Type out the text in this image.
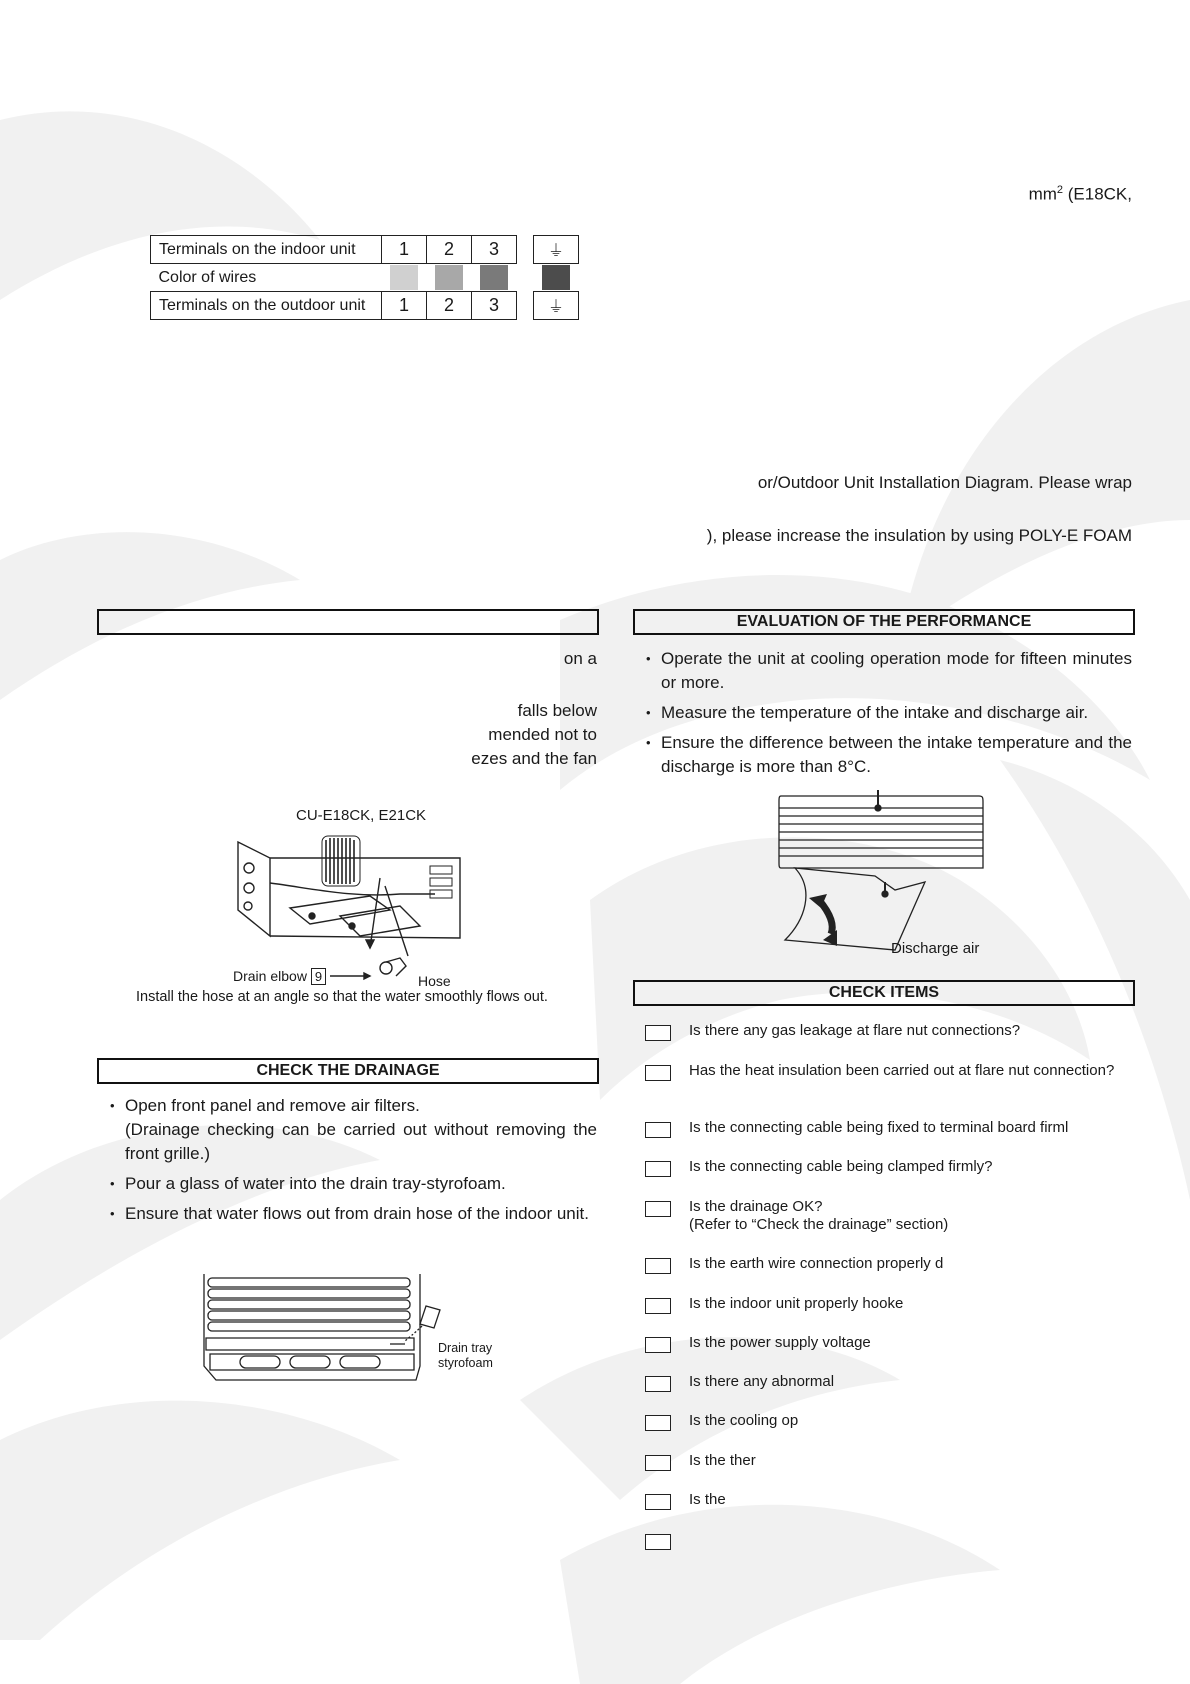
$mm^2$ (E18CK,
Terminals on the indoor unit	1	2	3		⏚
Color of wires					
Terminals on the outdoor unit	1	2	3		⏚
or/Outdoor Unit Installation Diagram. Please wrap
), please increase the insulation by using POLY-E FOAM
on a
falls below
mended not to
ezes and the fan
CU-E18CK, E21CK
Drain elbow 9	Hose
Install the hose at an angle so that the water smoothly flows out.
CHECK THE DRAINAGE
• Open front panel and remove air filters.
(Drainage checking can be carried out without removing the front grille.)
• Pour a glass of water into the drain tray-styrofoam.
• Ensure that water flows out from drain hose of the indoor unit.
Drain tray
styrofoam
EVALUATION OF THE PERFORMANCE
• Operate the unit at cooling operation mode for fifteen minutes or more.
• Measure the temperature of the intake and discharge air.
• Ensure the difference between the intake temperature and the discharge is more than 8°C.
Discharge air
CHECK ITEMS
Is there any gas leakage at flare nut connections?
Has the heat insulation been carried out at flare nut connection?
Is the connecting cable being fixed to terminal board firml
Is the connecting cable being clamped firmly?
Is the drainage OK?
(Refer to “Check the drainage” section)
Is the earth wire connection properly d
Is the indoor unit properly hooke
Is the power supply voltage
Is there any abnormal
Is the cooling op
Is the ther
Is the
